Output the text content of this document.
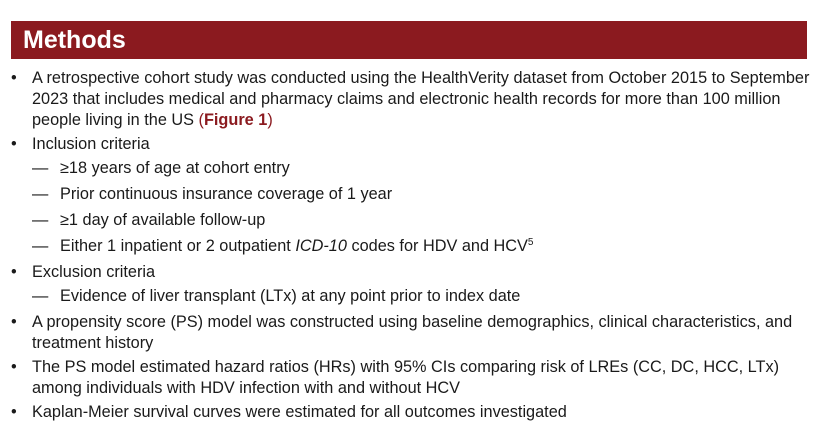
Methods
• A retrospective cohort study was conducted using the HealthVerity dataset from October 2015 to September 2023 that includes medical and pharmacy claims and electronic health records for more than 100 million people living in the US (Figure 1)
• Inclusion criteria
— ≥18 years of age at cohort entry
— Prior continuous insurance coverage of 1 year
— ≥1 day of available follow-up
— Either 1 inpatient or 2 outpatient ICD-10 codes for HDV and HCV$^5$
• Exclusion criteria
— Evidence of liver transplant (LTx) at any point prior to index date
• A propensity score (PS) model was constructed using baseline demographics, clinical characteristics, and treatment history
• The PS model estimated hazard ratios (HRs) with 95% CIs comparing risk of LREs (CC, DC, HCC, LTx) among individuals with HDV infection with and without HCV
• Kaplan-Meier survival curves were estimated for all outcomes investigated
